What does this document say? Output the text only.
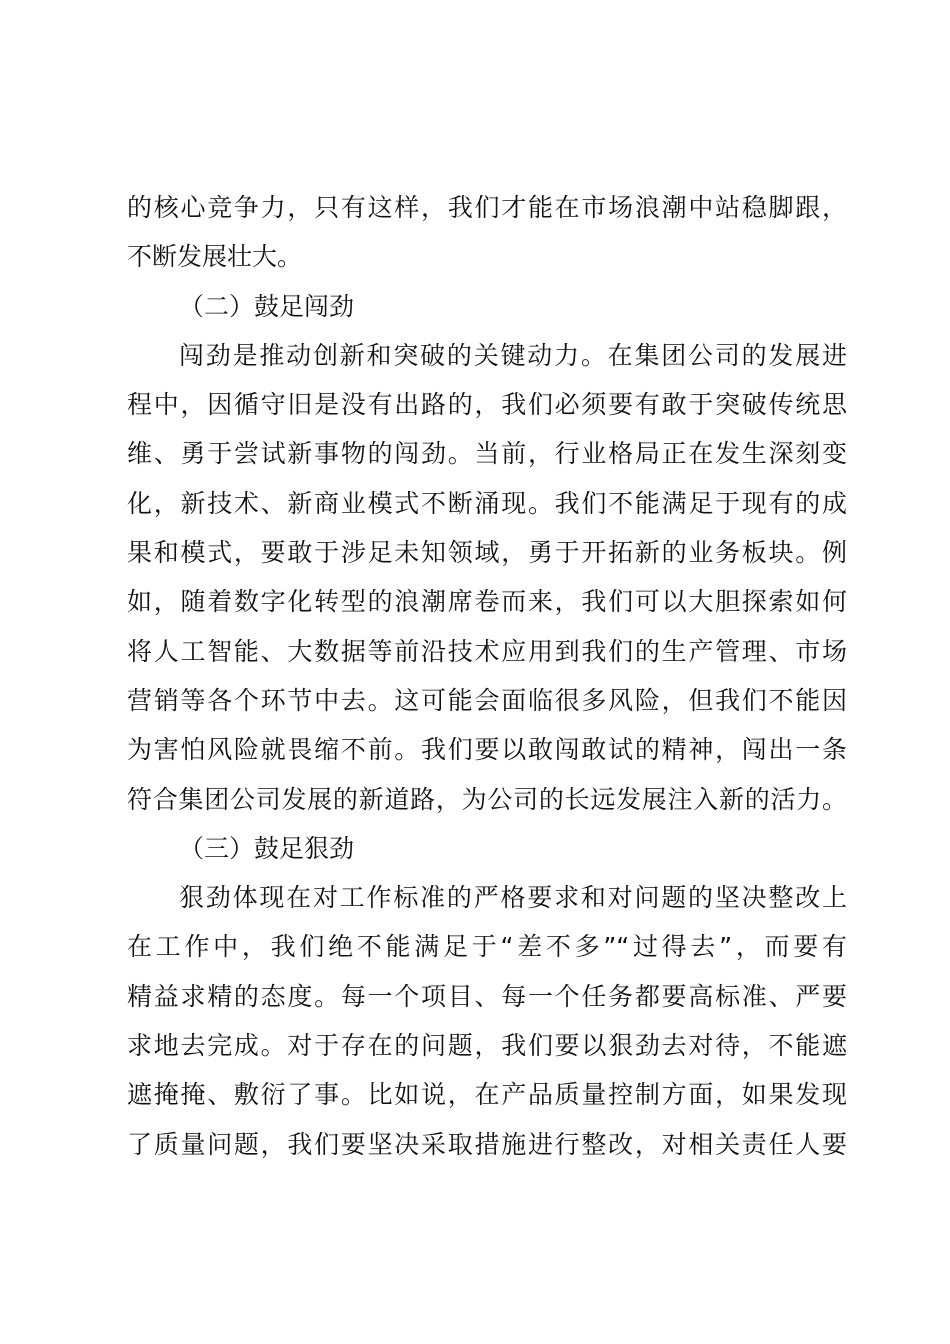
的核心竞争力，只有这样，我们才能在市场浪潮中站稳脚跟，
不断发展壮大。
（二）鼓足闯劲
闯劲是推动创新和突破的关键动力。在集团公司的发展进
程中，因循守旧是没有出路的，我们必须要有敢于突破传统思
维、勇于尝试新事物的闯劲。当前，行业格局正在发生深刻变
化，新技术、新商业模式不断涌现。我们不能满足于现有的成
果和模式，要敢于涉足未知领域，勇于开拓新的业务板块。例
如，随着数字化转型的浪潮席卷而来，我们可以大胆探索如何
将人工智能、大数据等前沿技术应用到我们的生产管理、市场
营销等各个环节中去。这可能会面临很多风险，但我们不能因
为害怕风险就畏缩不前。我们要以敢闯敢试的精神，闯出一条
符合集团公司发展的新道路，为公司的长远发展注入新的活力。
（三）鼓足狠劲
狠劲体现在对工作标准的严格要求和对问题的坚决整改上
在工作中，我们绝不能满足于“差不多”“过得去”，而要有
精益求精的态度。每一个项目、每一个任务都要高标准、严要
求地去完成。对于存在的问题，我们要以狠劲去对待，不能遮
遮掩掩、敷衍了事。比如说，在产品质量控制方面，如果发现
了质量问题，我们要坚决采取措施进行整改，对相关责任人要
